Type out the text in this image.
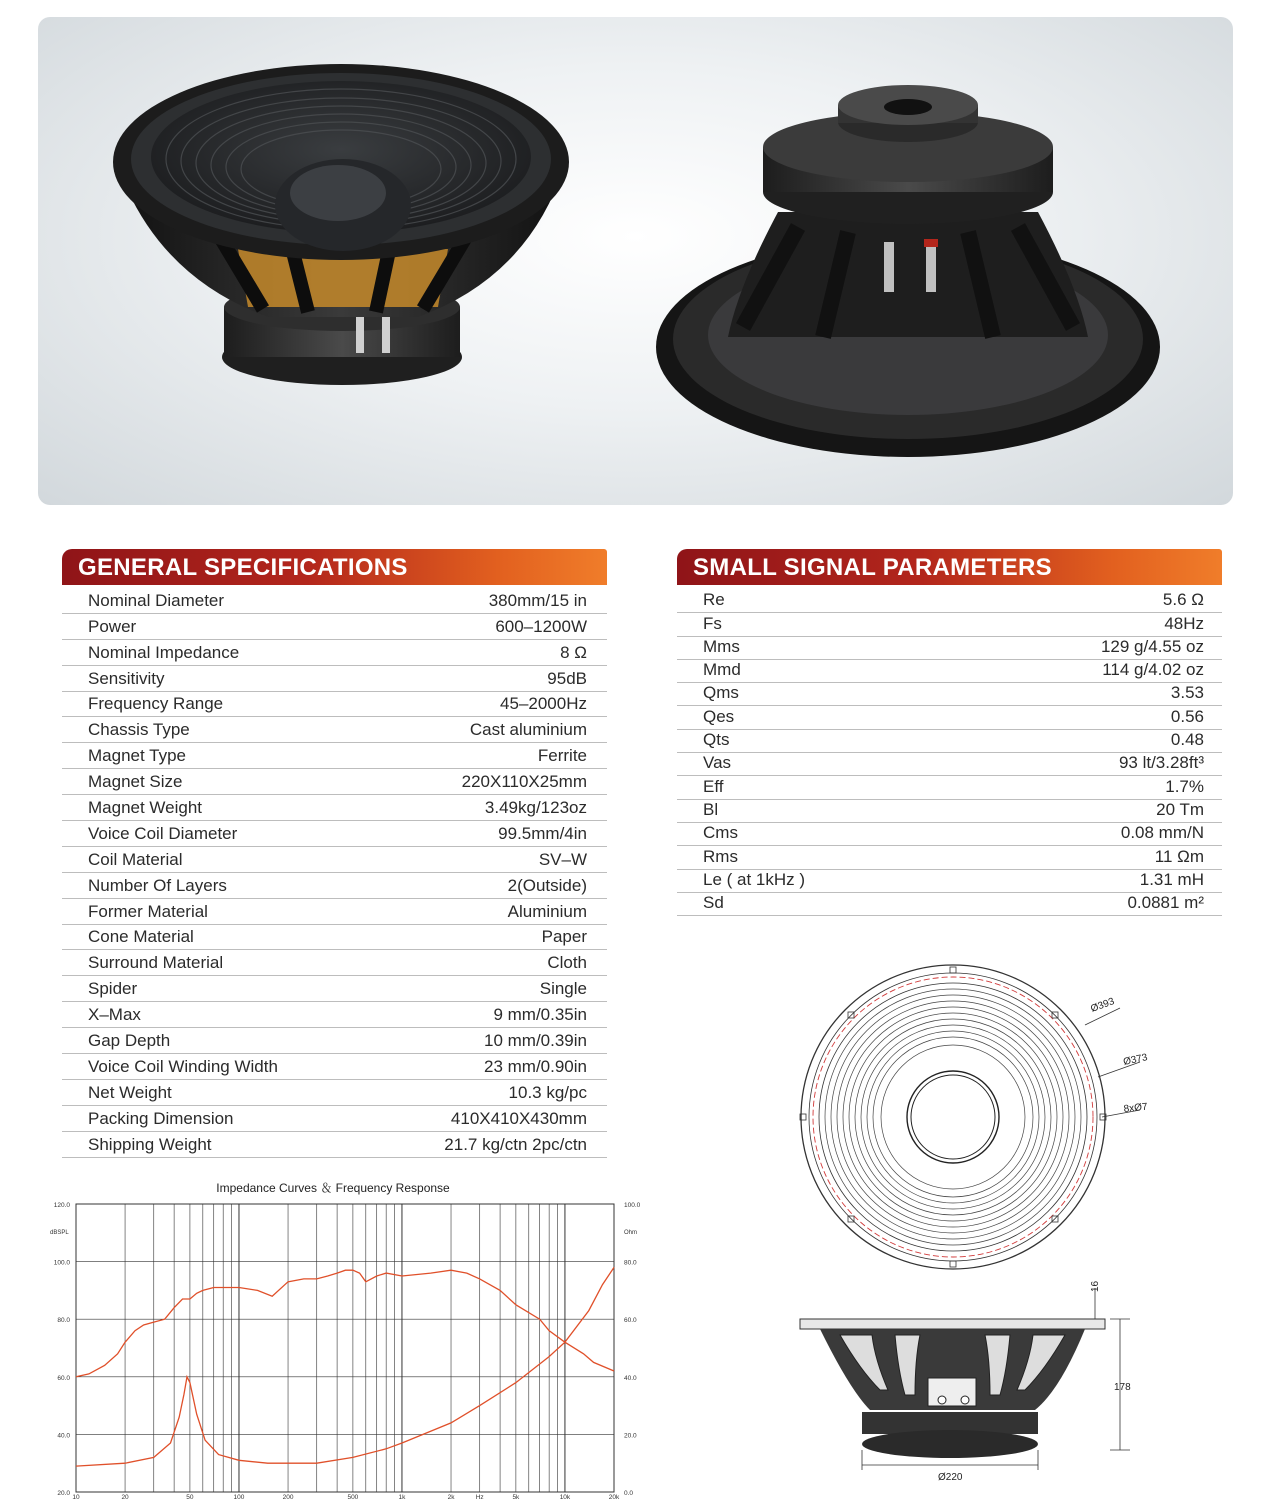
GENERAL SPECIFICATIONS
Nominal Diameter	380mm/15 in
Power	600–1200W
Nominal Impedance	8 Ω
Sensitivity	95dB
Frequency Range	45–2000Hz
Chassis Type	Cast aluminium
Magnet Type	Ferrite
Magnet Size	220X110X25mm
Magnet Weight	3.49kg/123oz
Voice Coil Diameter	99.5mm/4in
Coil Material	SV–W
Number Of Layers	2(Outside)
Former Material	Aluminium
Cone Material	Paper
Surround Material	Cloth
Spider	Single
X–Max	9 mm/0.35in
Gap Depth	10 mm/0.39in
Voice Coil Winding Width	23 mm/0.90in
Net Weight	10.3 kg/pc
Packing Dimension	410X410X430mm
Shipping Weight	21.7 kg/ctn 2pc/ctn
SMALL SIGNAL PARAMETERS
Re	5.6 Ω
Fs	48Hz
Mms	129 g/4.55 oz
Mmd	114 g/4.02 oz
Qms	3.53
Qes	0.56
Qts	0.48
Vas	93 lt/3.28ft³
Eff	1.7%
Bl	20 Tm
Cms	0.08 mm/N
Rms	11 Ωm
Le ( at 1kHz )	1.31 mH
Sd	0.0881 m²
Impedance Curves ＆ Frequency Response
120.0
100.0
80.0
60.0
40.0
20.0
100.0
80.0
60.0
40.0
20.0
0.0
dBSPL	Ohm
10	20	50	100	200	500	1k	2k	Hz	5k	10k	20k
Ø393
Ø373
8xØ7
16
178
Ø220
